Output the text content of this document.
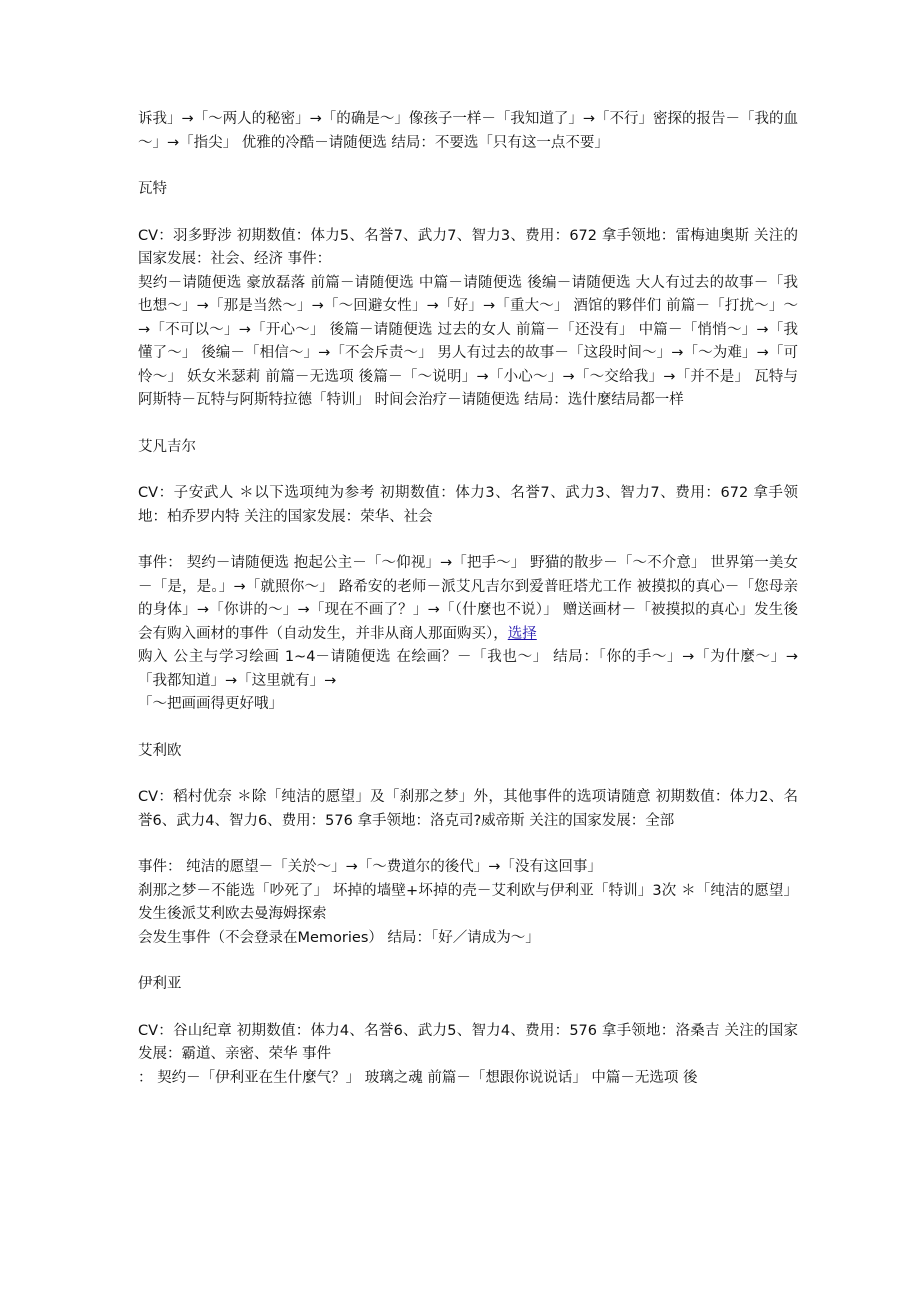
诉我」→「～两人的秘密」→「的确是～」像孩子一样－「我知道了」→「不行」密探的报告－「我的血～」→「指尖」 优雅的冷酷－请随便选 结局：不要选「只有这一点不要」

瓦特

CV：羽多野涉 初期数值：体力5、名誉7、武力7、智力3、费用：672 拿手领地：雷梅迪奥斯 关注的国家发展：社会、经济 事件：

契约－请随便选 豪放磊落 前篇－请随便选 中篇－请随便选 後编－请随便选 大人有过去的故事－「我也想～」→「那是当然～」→「～回避女性」→「好」→「重大～」 酒馆的夥伴们 前篇－「打扰～」～→「不可以～」→「开心～」 後篇－请随便选 过去的女人 前篇－「还没有」 中篇－「悄悄～」→「我懂了～」 後编－「相信～」→「不会斥责～」 男人有过去的故事－「这段时间～」→「～为难」→「可怜～」 妖女米瑟莉 前篇－无选项 後篇－「～说明」→「小心～」→「～交给我」→「并不是」 瓦特与阿斯特－瓦特与阿斯特拉德「特训」 时间会治疗－请随便选 结局：选什麼结局都一样

艾凡吉尔

CV：子安武人 ＊以下选项纯为参考 初期数值：体力3、名誉7、武力3、智力7、费用：672 拿手领地：柏乔罗内特 关注的国家发展：荣华、社会

事件： 契约－请随便选 抱起公主－「～仰视」→「把手～」 野猫的散步－「～不介意」 世界第一美女－「是，是。」→「就照你～」 路希安的老师－派艾凡吉尔到爱普旺塔尤工作 被摸拟的真心－「您母亲的身体」→「你讲的～」→「现在不画了？」→「（什麼也不说）」 赠送画材－「被摸拟的真心」发生後会有购入画材的事件（自动发生，并非从商人那面购买），选择

购入 公主与学习绘画 1~4－请随便选 在绘画？－「我也～」 结局：「你的手～」→「为什麼～」→「我都知道」→「这里就有」→

「～把画画得更好哦」

艾利欧

CV：稻村优奈 ＊除「纯洁的愿望」及「刹那之梦」外，其他事件的选项请随意 初期数值：体力2、名誉6、武力4、智力6、费用：576 拿手领地：洛克司?威帝斯 关注的国家发展：全部

事件： 纯洁的愿望－「关於～」→「～费道尔的後代」→「没有这回事」

刹那之梦－不能选「吵死了」 坏掉的墙壁+坏掉的壳－艾利欧与伊利亚「特训」3次 ＊「纯洁的愿望」发生後派艾利欧去曼海姆探索

会发生事件（不会登录在Memories） 结局：「好／请成为～」

伊利亚

CV：谷山纪章 初期数值：体力4、名誉6、武力5、智力4、费用：576 拿手领地：洛桑吉 关注的国家发展：霸道、亲密、荣华 事件

： 契约－「伊利亚在生什麼气？」 玻璃之魂 前篇－「想跟你说说话」 中篇－无选项 後
